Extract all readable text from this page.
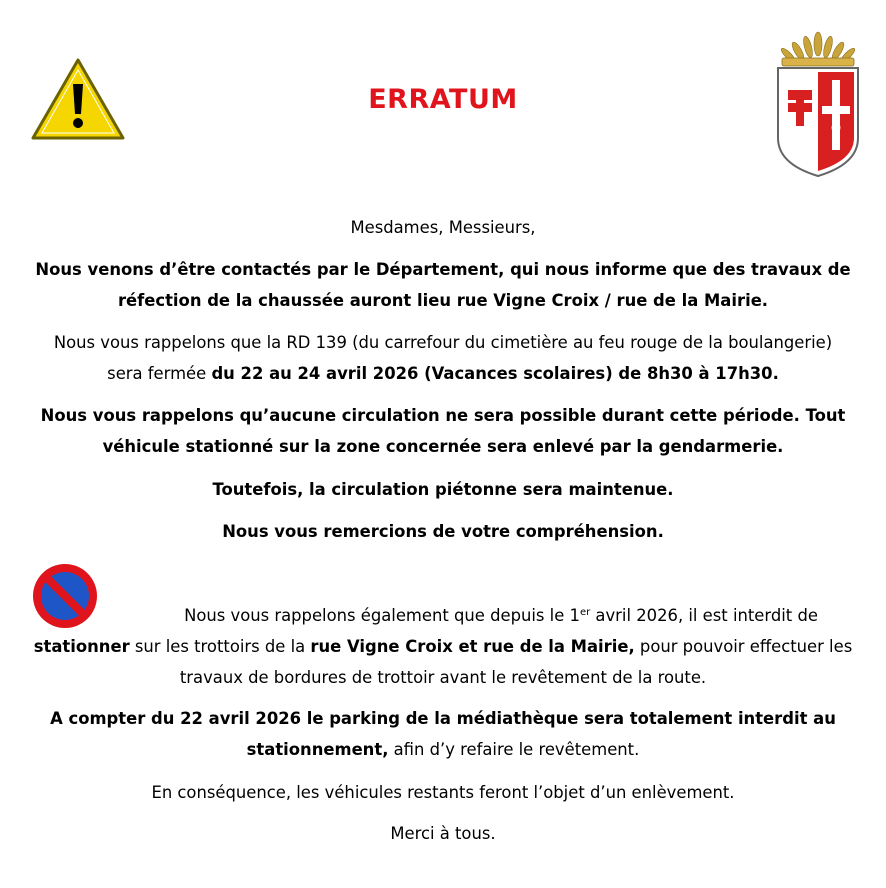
ERRATUM
Mesdames, Messieurs,
Nous venons d’être contactés par le Département, qui nous informe que des travaux de
réfection de la chaussée auront lieu rue Vigne Croix / rue de la Mairie.
Nous vous rappelons que la RD 139 (du carrefour du cimetière au feu rouge de la boulangerie)
sera fermée du 22 au 24 avril 2026 (Vacances scolaires) de 8h30 à 17h30.
Nous vous rappelons qu’aucune circulation ne sera possible durant cette période. Tout
véhicule stationné sur la zone concernée sera enlevé par la gendarmerie.
Toutefois, la circulation piétonne sera maintenue.
Nous vous remercions de votre compréhension.
Nous vous rappelons également que depuis le 1er avril 2026, il est interdit de
stationner sur les trottoirs de la rue Vigne Croix et rue de la Mairie, pour pouvoir effectuer les
travaux de bordures de trottoir avant le revêtement de la route.
A compter du 22 avril 2026 le parking de la médiathèque sera totalement interdit au
stationnement, afin d’y refaire le revêtement.
En conséquence, les véhicules restants feront l’objet d’un enlèvement.
Merci à tous.
